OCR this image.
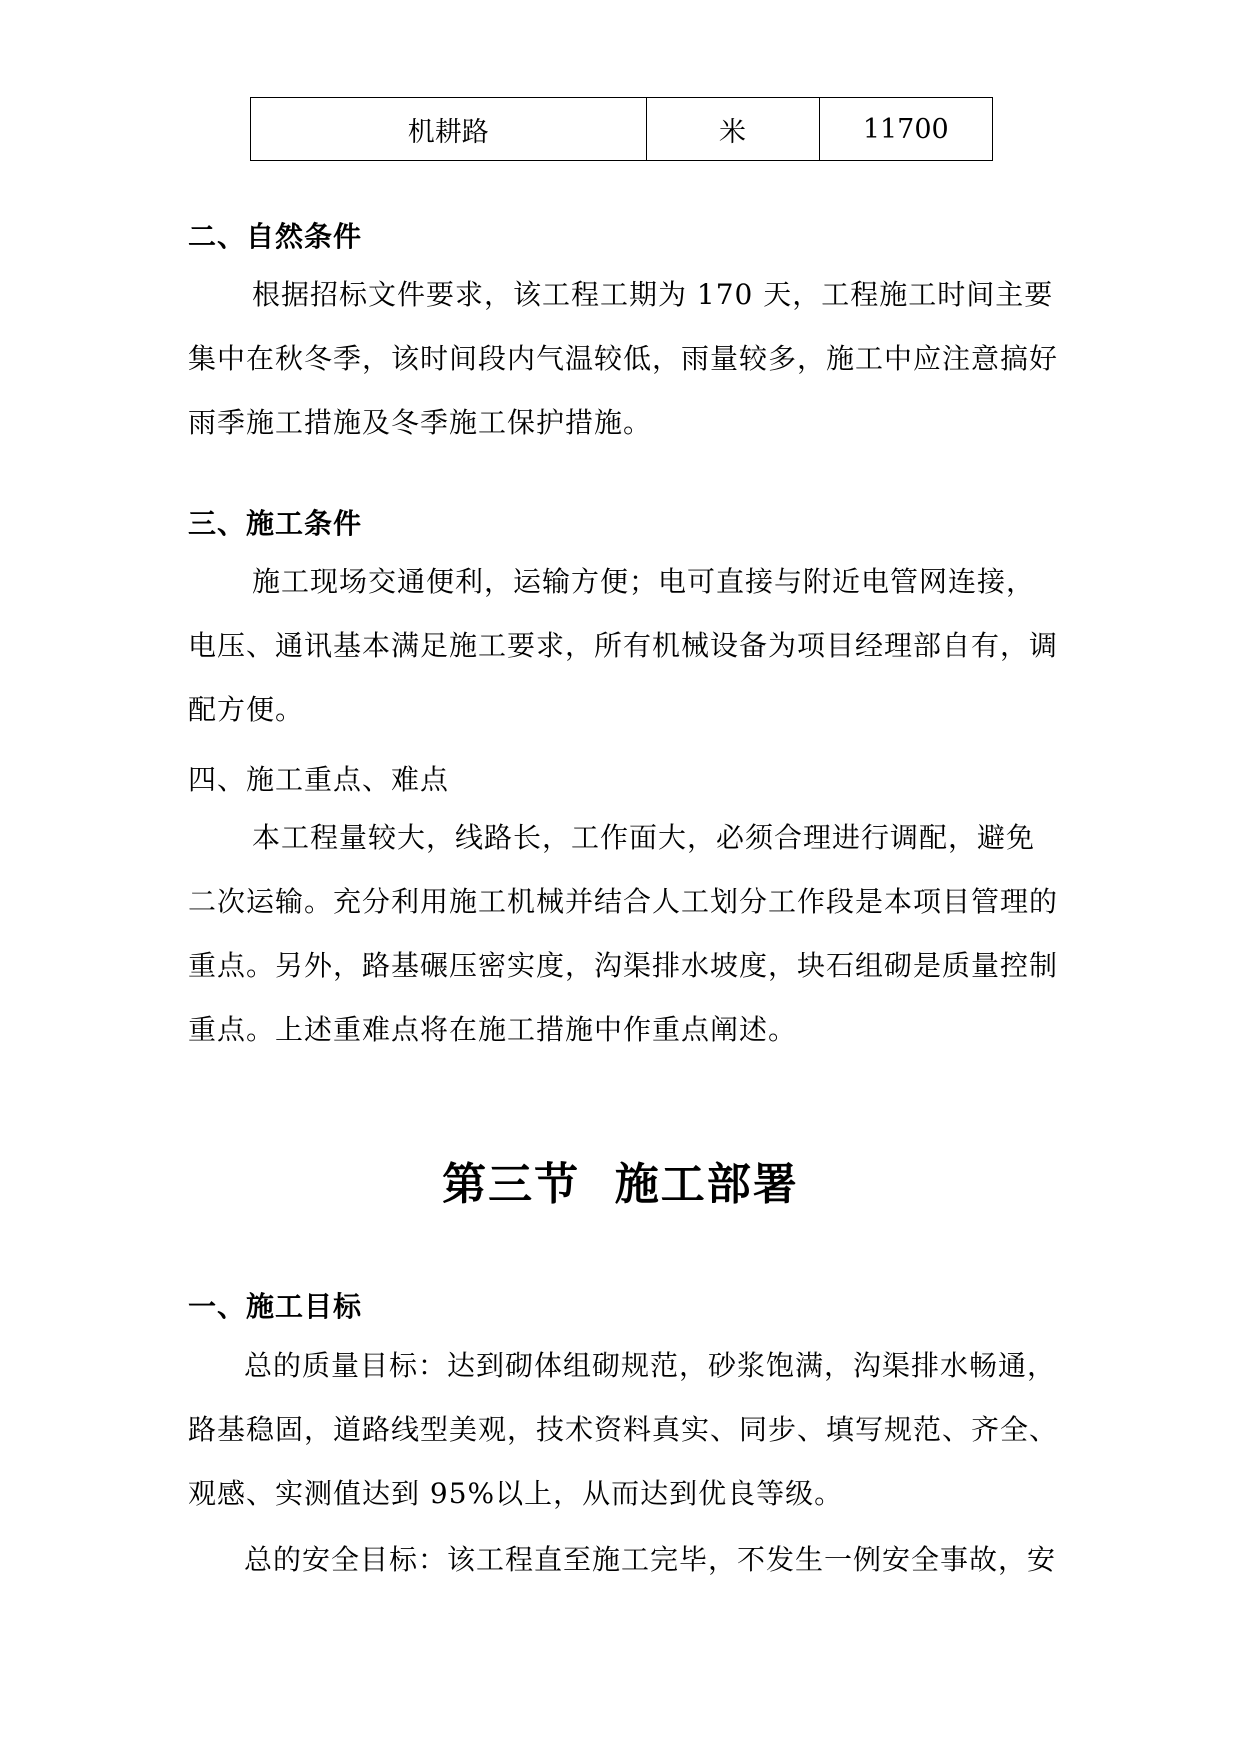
机耕路	米	11700
二、自然条件
根据招标文件要求，该工程工期为 170 天，工程施工时间主要
集中在秋冬季，该时间段内气温较低，雨量较多，施工中应注意搞好
雨季施工措施及冬季施工保护措施。
三、施工条件
施工现场交通便利，运输方便；电可直接与附近电管网连接，
电压、通讯基本满足施工要求，所有机械设备为项目经理部自有，调
配方便。
四、施工重点、难点
本工程量较大，线路长，工作面大，必须合理进行调配，避免
二次运输。充分利用施工机械并结合人工划分工作段是本项目管理的
重点。另外，路基碾压密实度，沟渠排水坡度，块石组砌是质量控制
重点。上述重难点将在施工措施中作重点阐述。
第三节  施工部署
一、施工目标
总的质量目标：达到砌体组砌规范，砂浆饱满，沟渠排水畅通，
路基稳固，道路线型美观，技术资料真实、同步、填写规范、齐全、
观感、实测值达到 95%以上，从而达到优良等级。
总的安全目标：该工程直至施工完毕，不发生一例安全事故，安
